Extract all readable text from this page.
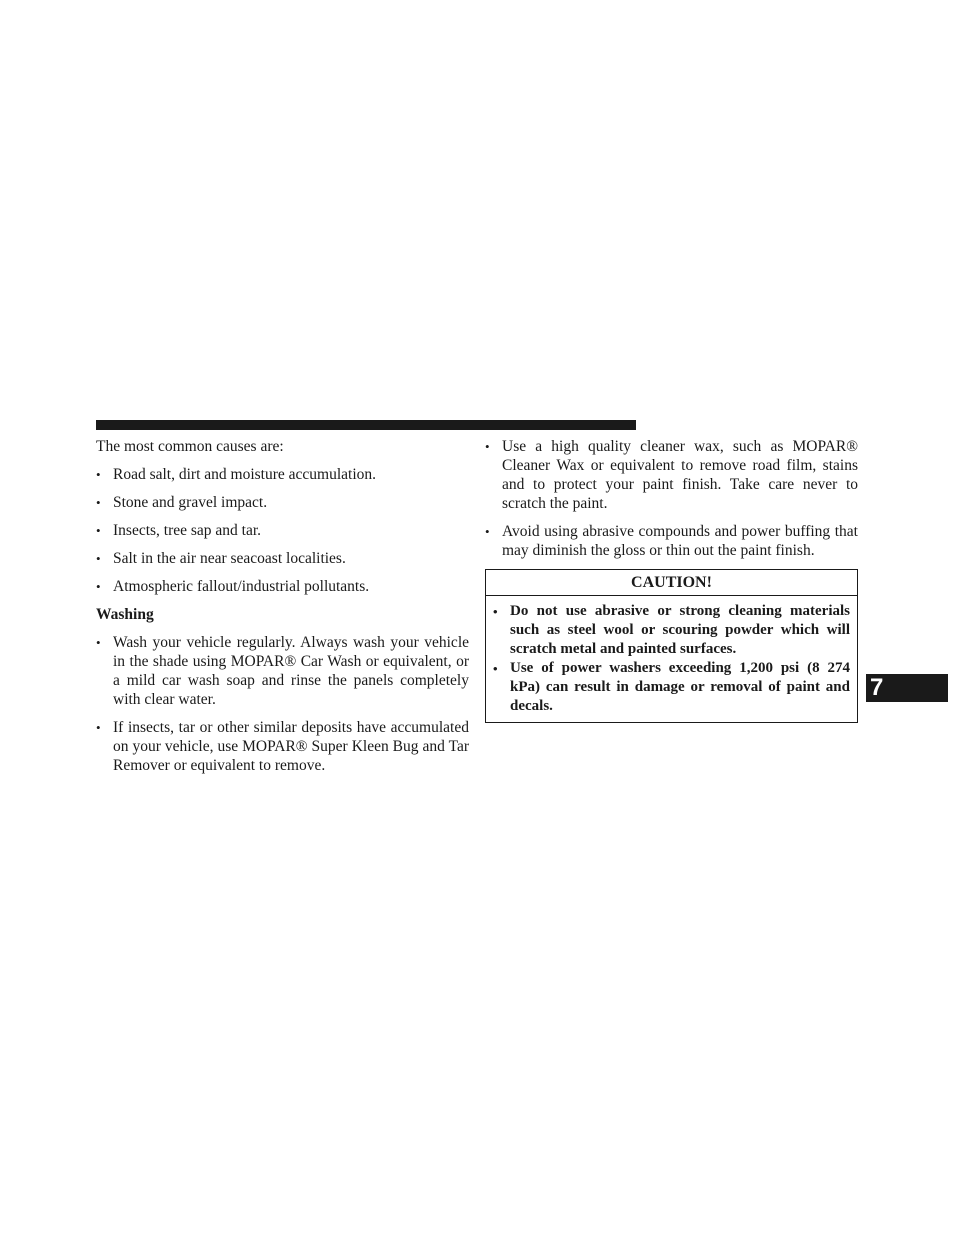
The most common causes are:

• Road salt, dirt and moisture accumulation.
• Stone and gravel impact.
• Insects, tree sap and tar.
• Salt in the air near seacoast localities.
• Atmospheric fallout/industrial pollutants.

Washing

• Wash your vehicle regularly. Always wash your vehicle in the shade using MOPAR® Car Wash or equivalent, or a mild car wash soap and rinse the panels completely with clear water.
• If insects, tar or other similar deposits have accumulated on your vehicle, use MOPAR® Super Kleen Bug and Tar Remover or equivalent to remove.
• Use a high quality cleaner wax, such as MOPAR® Cleaner Wax or equivalent to remove road film, stains and to protect your paint finish. Take care never to scratch the paint.
• Avoid using abrasive compounds and power buffing that may diminish the gloss or thin out the paint finish.
CAUTION!
• Do not use abrasive or strong cleaning materials such as steel wool or scouring powder which will scratch metal and painted surfaces.
• Use of power washers exceeding 1,200 psi (8 274 kPa) can result in damage or removal of paint and decals.
7
